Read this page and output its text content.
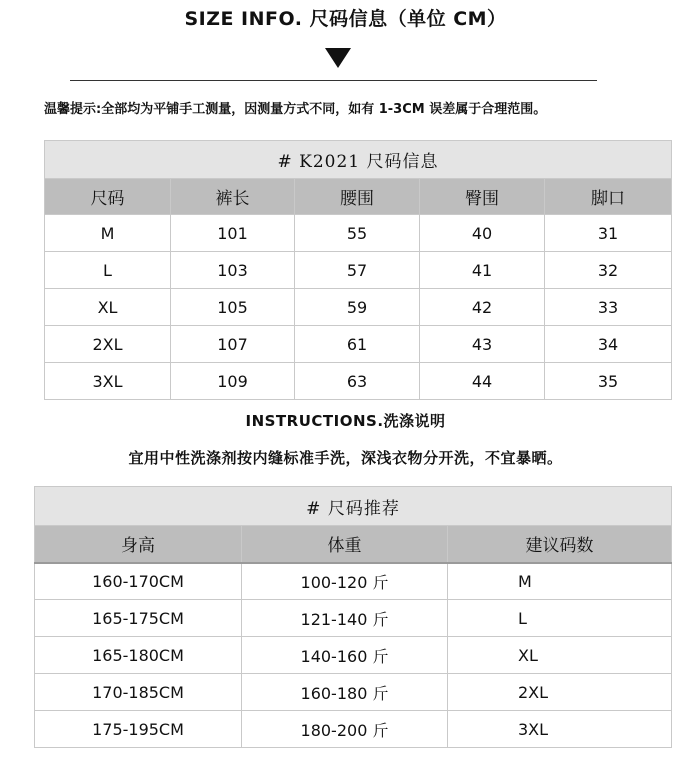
SIZE INFO. 尺码信息（单位 CM）
温馨提示:全部均为平铺手工测量，因测量方式不同，如有 1-3CM 误差属于合理范围。
# K2021 尺码信息				
尺码	裤长	腰围	臀围	脚口
M	101	55	40	31
L	103	57	41	32
XL	105	59	42	33
2XL	107	61	43	34
3XL	109	63	44	35
INSTRUCTIONS.洗涤说明
宜用中性洗涤剂按内缝标准手洗，深浅衣物分开洗，不宜暴晒。
# 尺码推荐		
身高	体重	建议码数
160-170CM	100-120 斤	M
165-175CM	121-140 斤	L
165-180CM	140-160 斤	XL
170-185CM	160-180 斤	2XL
175-195CM	180-200 斤	3XL
